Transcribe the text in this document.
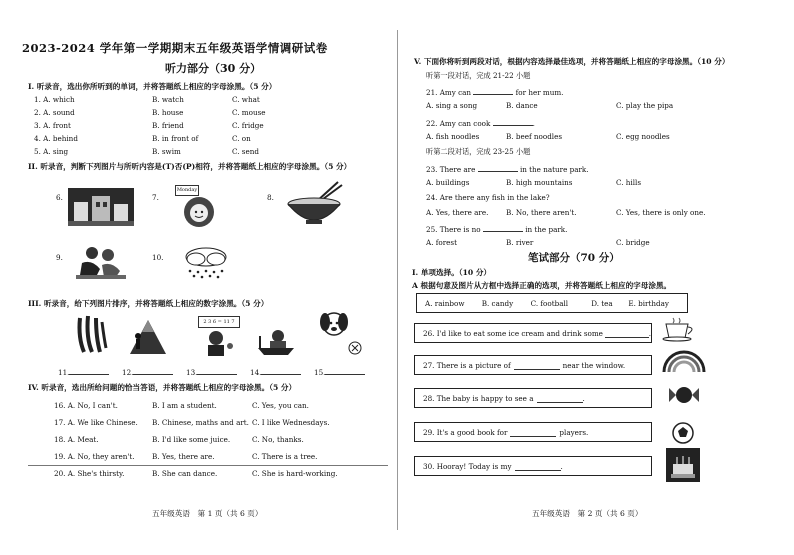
2023-2024 学年第一学期期末五年级英语学情调研试卷
听力部分（30 分）
I. 听录音，选出你所听到的单词，并将答题纸上相应的字母涂黑。（5 分）
1. A. which	B. watch	C. what
2. A. sound	B. house	C. mouse
3. A. front	B. friend	C. fridge
4. A. behind	B. in front of	C. on
5. A. sing	B. swim	C. send
II. 听录音，判断下列图片与所听内容是(T)否(P)相符，并将答题纸上相应的字母涂黑。（5 分）
6.	7.
Monday
8.
9.	10.
III. 听录音，给下列图片排序，并将答题纸上相应的数字涂黑。（5 分）
2 3 6 = 11 7
11.	12.	13.	14.	15.
IV. 听录音，选出所给问题的恰当答语，并将答题纸上相应的字母涂黑。（5 分）
16. A. No, I can't.	B. I am a student.	C. Yes, you can.
17. A. We like Chinese. B. Chinese, maths and art. C. I like Wednesdays.
18. A. Meat.	B. I'd like some juice.	C. No, thanks.
19. A. No, they aren't. B. Yes, there are.	C. There is a tree.
20. A. She's thirsty.	B. She can dance.	C. She is hard-working.
五年级英语　第 1 页（共 6 页）
V. 下面你将听到两段对话，根据内容选择最佳选项，并将答题纸上相应的字母涂黑。（10 分）
听第一段对话，完成 21-22 小题
21. Amy can	for her mum.
A. sing a song	B. dance	C. play the pipa
22. Amy can cook	.
A. fish noodles	B. beef noodles	C. egg noodles
听第二段对话，完成 23-25 小题
23. There are	in the nature park.
A. buildings	B. high mountains	C. hills
24. Are there any fish in the lake?
A. Yes, there are. B. No, there aren't.	C. Yes, there is only one.
25. There is no	in the park.
A. forest	B. river	C. bridge
笔试部分（70 分）
I. 单项选择。（10 分）
A 根据句意及图片从方框中选择正确的选项，并将答题纸上相应的字母涂黑。
A. rainbow	B. candy	C. football	D. tea	E. birthday
26. I'd like to eat some ice cream and drink some	.
27. There is a picture of	near the window.
28. The baby is happy to see a	.
29. It's a good book for	players.
30. Hooray! Today is my	.
五年级英语　第 2 页（共 6 页）
